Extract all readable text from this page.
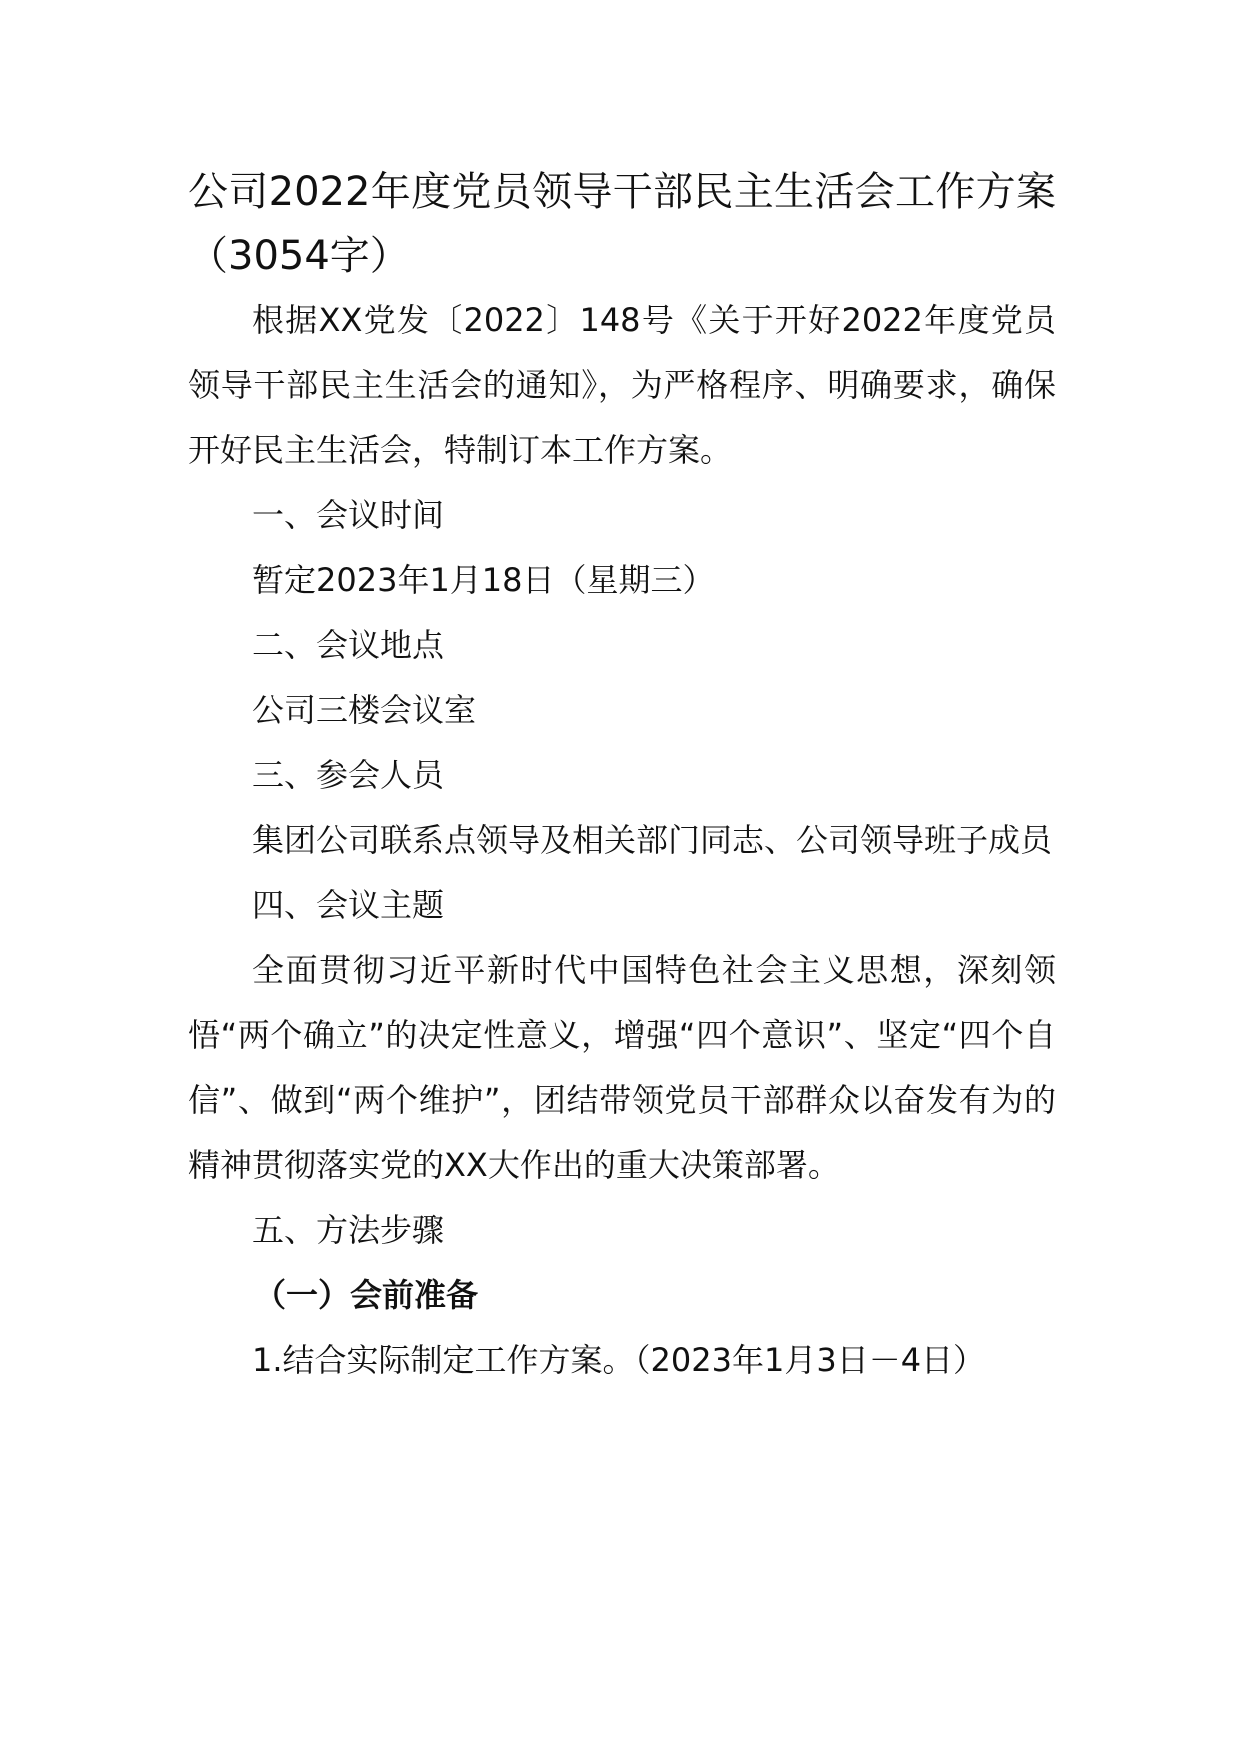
公司2022年度党员领导干部民主生活会工作方案（3054字）

根据XX党发〔2022〕148号《关于开好2022年度党员领导干部民主生活会的通知》，为严格程序、明确要求，确保开好民主生活会，特制订本工作方案。

一、会议时间

暂定2023年1月18日（星期三）

二、会议地点

公司三楼会议室

三、参会人员

集团公司联系点领导及相关部门同志、公司领导班子成员

四、会议主题

全面贯彻习近平新时代中国特色社会主义思想，深刻领悟“两个确立”的决定性意义，增强“四个意识”、坚定“四个自信”、做到“两个维护”，团结带领党员干部群众以奋发有为的精神贯彻落实党的XX大作出的重大决策部署。

五、方法步骤

（一）会前准备

1.结合实际制定工作方案。（2023年1月3日－4日）
